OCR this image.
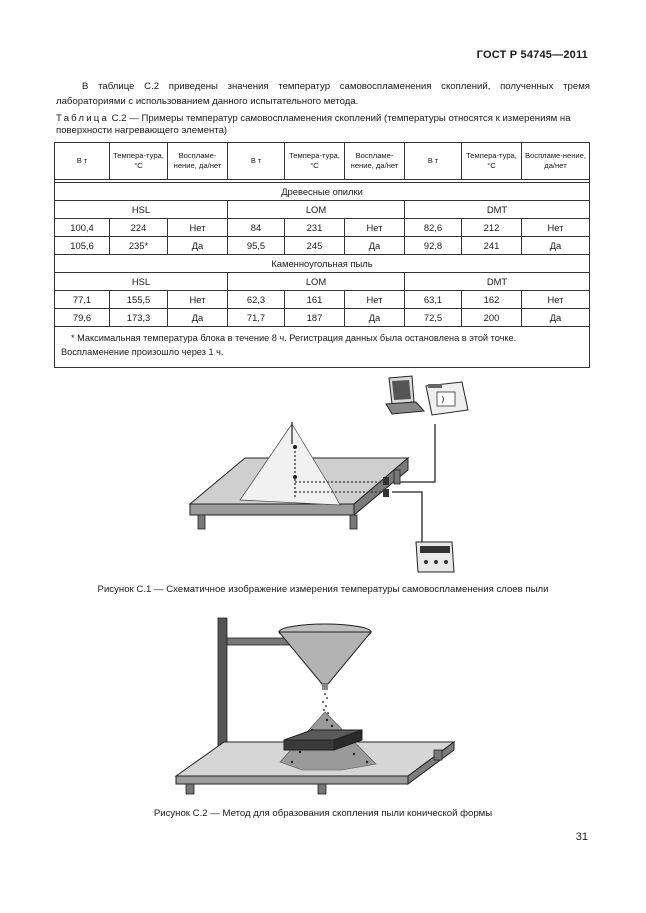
ГОСТ Р 54745—2011
В таблице С.2 приведены значения температур самовоспламенения скоплений, полученных тремя лабораториями с использованием данного испытательного метода.
Таблица С.2 — Примеры температур самовоспламенения скоплений (температуры относятся к измерениям на поверхности нагревающего элемента)
В т	Темпера-тура, °С	Воспламе-нение, да/нет	В т	Темпера-тура, °С	Воспламе-нение, да/нет	В т	Темпера-тура, °С	Воспламе-нение, да/нет

Древесные опилки								
HSL			LOM			DMT		
100,4	224	Нет	84	231	Нет	82,6	212	Нет
105,6	235*	Да	95,5	245	Да	92,8	241	Да
Каменноугольная пыль								
HSL			LOM			DMT		
77,1	155,5	Нет	62,3	161	Нет	63,1	162	Нет
79,6	173,3	Да	71,7	187	Да	72,5	200	Да

* Максимальная температура блока в течение 8 ч. Регистрация данных была остановлена в этой точке.
Воспламенение произошло через 1 ч.								
Рисунок С.1 — Схематичное изображение измерения температуры самовоспламенения слоев пыли
Рисунок С.2 — Метод для образования скопления пыли конической формы
31
